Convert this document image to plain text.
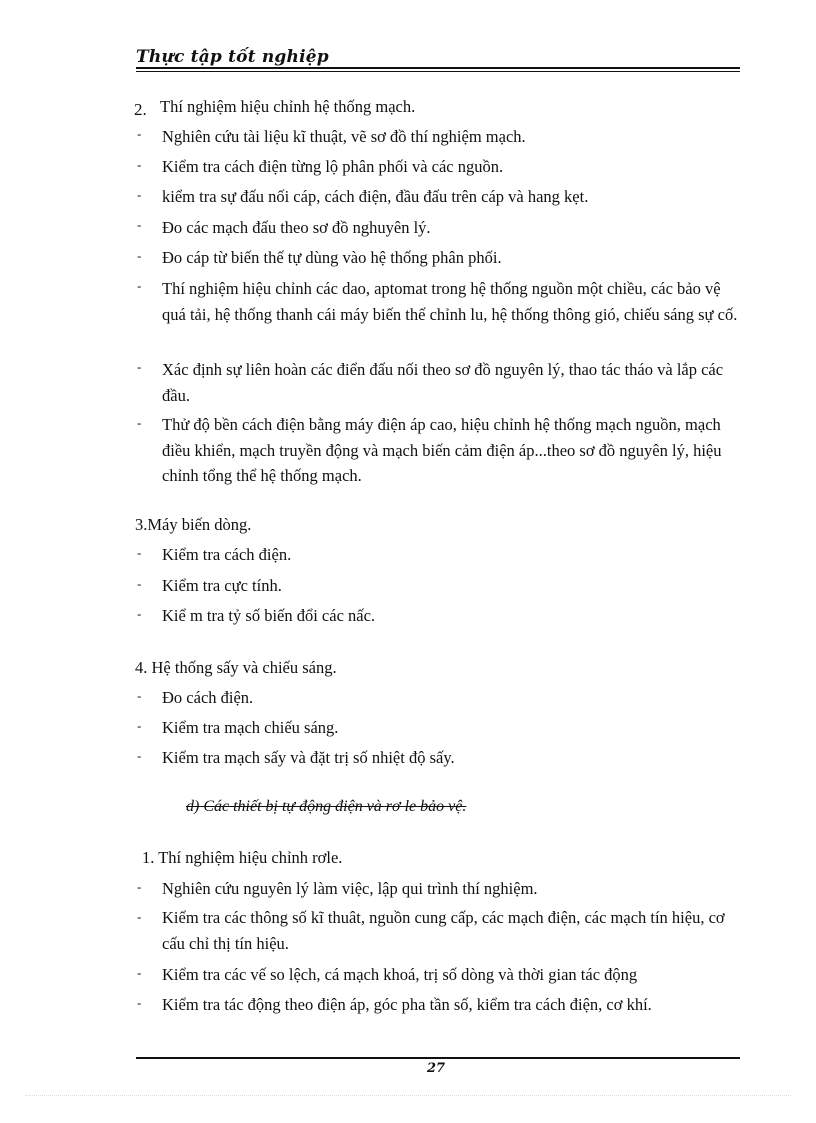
Thực tập tốt nghiệp
2. Thí nghiệm hiệu chỉnh hệ thống mạch.
- Nghiên cứu tài liệu kĩ thuật, vẽ sơ đồ thí nghiệm mạch.
- Kiểm tra cách điện từng lộ phân phối và các nguồn.
- kiểm tra sự đấu nối cáp, cách điện, đầu đấu trên cáp và hang kẹt.
- Đo các mạch đấu theo sơ đồ nghuyên lý.
- Đo cáp từ biến thế tự dùng vào hệ thống phân phối.
- Thí nghiệm hiệu chỉnh các dao, aptomat trong hệ thống nguồn một chiều, các bảo vệ quá tải, hệ thống thanh cái máy biến thế chỉnh lu, hệ thống thông gió, chiếu sáng sự cố.
- Xác định sự liên hoàn các điển đấu nối theo sơ đồ nguyên lý, thao tác tháo và lắp các đầu.
- Thử độ bền cách điện bằng máy điện áp cao, hiệu chỉnh hệ thống mạch nguồn, mạch điều khiển, mạch truyền động và mạch biến cảm điện áp...theo sơ đồ nguyên lý, hiệu chỉnh tổng thể hệ thống mạch.
3.Máy biến dòng.
- Kiểm tra cách điện.
- Kiểm tra cực tính.
- Kiể m tra tỷ số biến đổi các nấc.
4. Hệ thống sấy và chiếu sáng.
- Đo cách điện.
- Kiểm tra mạch chiếu sáng.
- Kiểm tra mạch sấy và đặt trị số nhiệt độ sấy.
d) Các thiết bị tự động điện và rơ le bảo vệ.
1. Thí nghiệm hiệu chỉnh rơle.
- Nghiên cứu nguyên lý làm việc, lập qui trình thí nghiệm.
- Kiểm tra các thông số kĩ thuât, nguồn cung cấp, các mạch điện, các mạch tín hiệu, cơ cấu chỉ thị tín hiệu.
- Kiểm tra các vế so lệch, cá mạch khoá, trị số dòng và thời gian tác động
- Kiểm tra tác động theo điện áp, góc pha tần số, kiểm tra cách điện, cơ khí.
27
